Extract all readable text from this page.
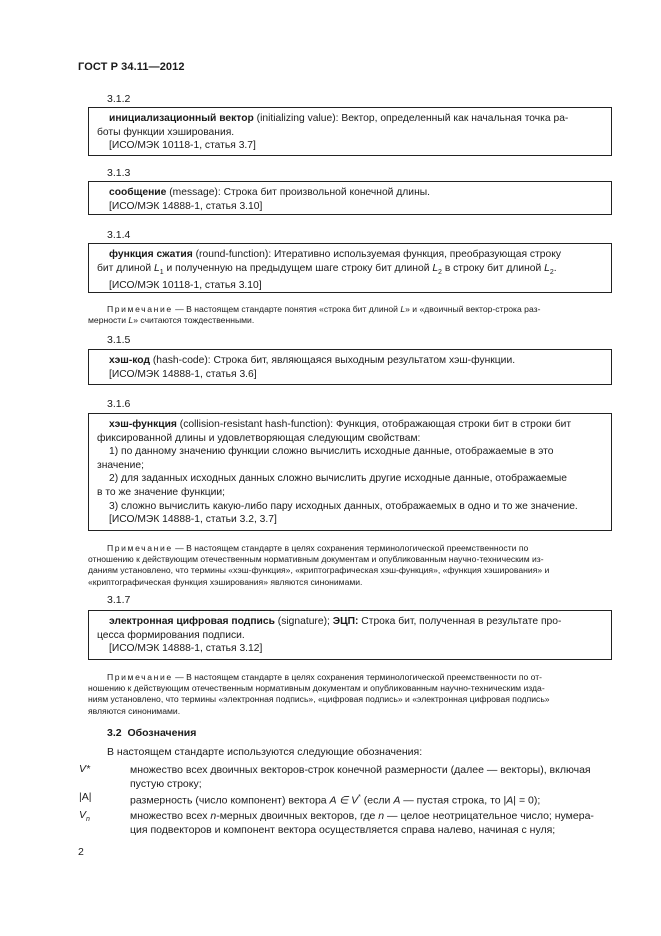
ГОСТ Р 34.11—2012
3.1.2

инициализационный вектор (initializing value): Вектор, определенный как начальная точка ра-

боты функции хэширования.

[ИСО/МЭК 10118-1, статья 3.7]

3.1.3

сообщение (message): Строка бит произвольной конечной длины.

[ИСО/МЭК 14888-1, статья 3.10]

3.1.4

функция сжатия (round-function): Итеративно используемая функция, преобразующая строку

бит длиной $L_1$ и полученную на предыдущем шаге строку бит длиной $L_2$ в строку бит длиной $L_2$.

[ИСО/МЭК 10118-1, статья 3.10]

Примечание — В настоящем стандарте понятия «строка бит длиной L» и «двоичный вектор-строка раз-
мерности L» считаются тождественными.
3.1.5

хэш-код (hash-code): Строка бит, являющаяся выходным результатом хэш-функции.

[ИСО/МЭК 14888-1, статья 3.6]

3.1.6

хэш-функция (collision-resistant hash-function): Функция, отображающая строки бит в строки бит

фиксированной длины и удовлетворяющая следующим свойствам:

1) по данному значению функции сложно вычислить исходные данные, отображаемые в это

значение;

2) для заданных исходных данных сложно вычислить другие исходные данные, отображаемые

в то же значение функции;

3) сложно вычислить какую-либо пару исходных данных, отображаемых в одно и то же значение.

[ИСО/МЭК 14888-1, статьи 3.2, 3.7]

Примечание — В настоящем стандарте в целях сохранения терминологической преемственности по
отношению к действующим отечественным нормативным документам и опубликованным научно-техническим из-
даниям установлено, что термины «хэш-функция», «криптографическая хэш-функция», «функция хэширования» и
«криптографическая функция хэширования» являются синонимами.
3.1.7

электронная цифровая подпись (signature); ЭЦП: Строка бит, полученная в результате про-

цесса формирования подписи.

[ИСО/МЭК 14888-1, статья 3.12]

Примечание — В настоящем стандарте в целях сохранения терминологической преемственности по от-
ношению к действующим отечественным нормативным документам и опубликованным научно-техническим изда-
ниям установлено, что термины «электронная подпись», «цифровая подпись» и «электронная цифровая подпись»
являются синонимами.
3.2 Обозначения
В настоящем стандарте используются следующие обозначения:
V*	множество всех двоичных векторов-строк конечной размерности (далее — векторы), включая
пустую строку;
|A|	размерность (число компонент) вектора A ∈ V* (если A — пустая строка, то |A| = 0);
$V_n$	множество всех n-мерных двоичных векторов, где n — целое неотрицательное число; нумера-
ция подвекторов и компонент вектора осуществляется справа налево, начиная с нуля;
2
